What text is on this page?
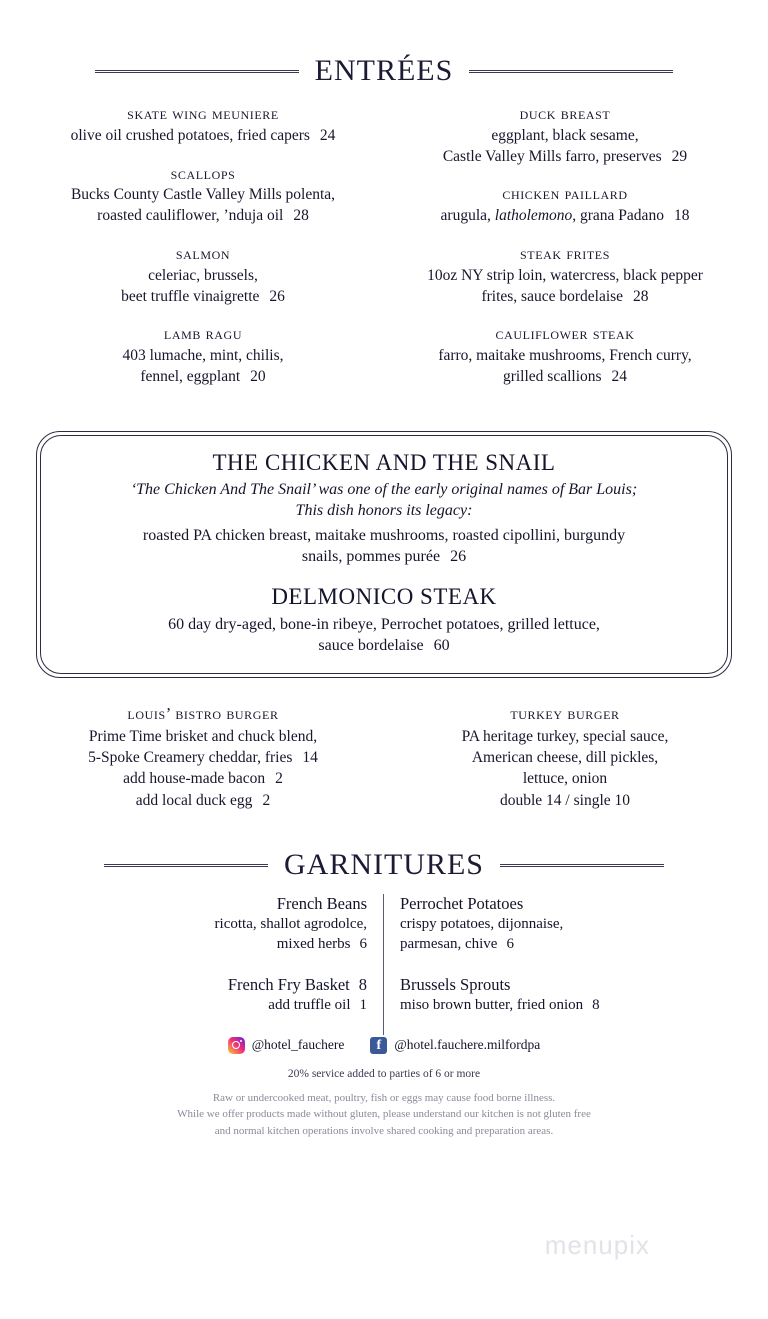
ENTRÉES
skate wing meuniere
olive oil crushed potatoes, fried capers 24
scallops
Bucks County Castle Valley Mills polenta,
roasted cauliflower, ’nduja oil 28
salmon
celeriac, brussels,
beet truffle vinaigrette 26
lamb ragu
403 lumache, mint, chilis,
fennel, eggplant 20
duck breast
eggplant, black sesame,
Castle Valley Mills farro, preserves 29
chicken paillard
arugula, latholemono, grana Padano 18
steak frites
10oz NY strip loin, watercress, black pepper
frites, sauce bordelaise 28
cauliflower steak
farro, maitake mushrooms, French curry,
grilled scallions 24
THE CHICKEN AND THE SNAIL
‘The Chicken And The Snail’ was one of the early original names of Bar Louis;
This dish honors its legacy:
roasted PA chicken breast, maitake mushrooms, roasted cipollini, burgundy
snails, pommes purée 26
DELMONICO STEAK
60 day dry-aged, bone-in ribeye, Perrochet potatoes, grilled lettuce,
sauce bordelaise 60
louis’ bistro burger
Prime Time brisket and chuck blend,
5-Spoke Creamery cheddar, fries 14
add house-made bacon 2
add local duck egg 2
turkey burger
PA heritage turkey, special sauce,
American cheese, dill pickles,
lettuce, onion
double 14 / single 10
GARNITURES
French Beans
ricotta, shallot agrodolce,
mixed herbs 6
French Fry Basket 8
add truffle oil 1
Perrochet Potatoes
crispy potatoes, dijonnaise,
parmesan, chive 6
Brussels Sprouts
miso brown butter, fried onion 8
@hotel_fauchere	f @hotel.fauchere.milfordpa
20% service added to parties of 6 or more
Raw or undercooked meat, poultry, fish or eggs may cause food borne illness.
While we offer products made without gluten, please understand our kitchen is not gluten free
and normal kitchen operations involve shared cooking and preparation areas.
menupix
